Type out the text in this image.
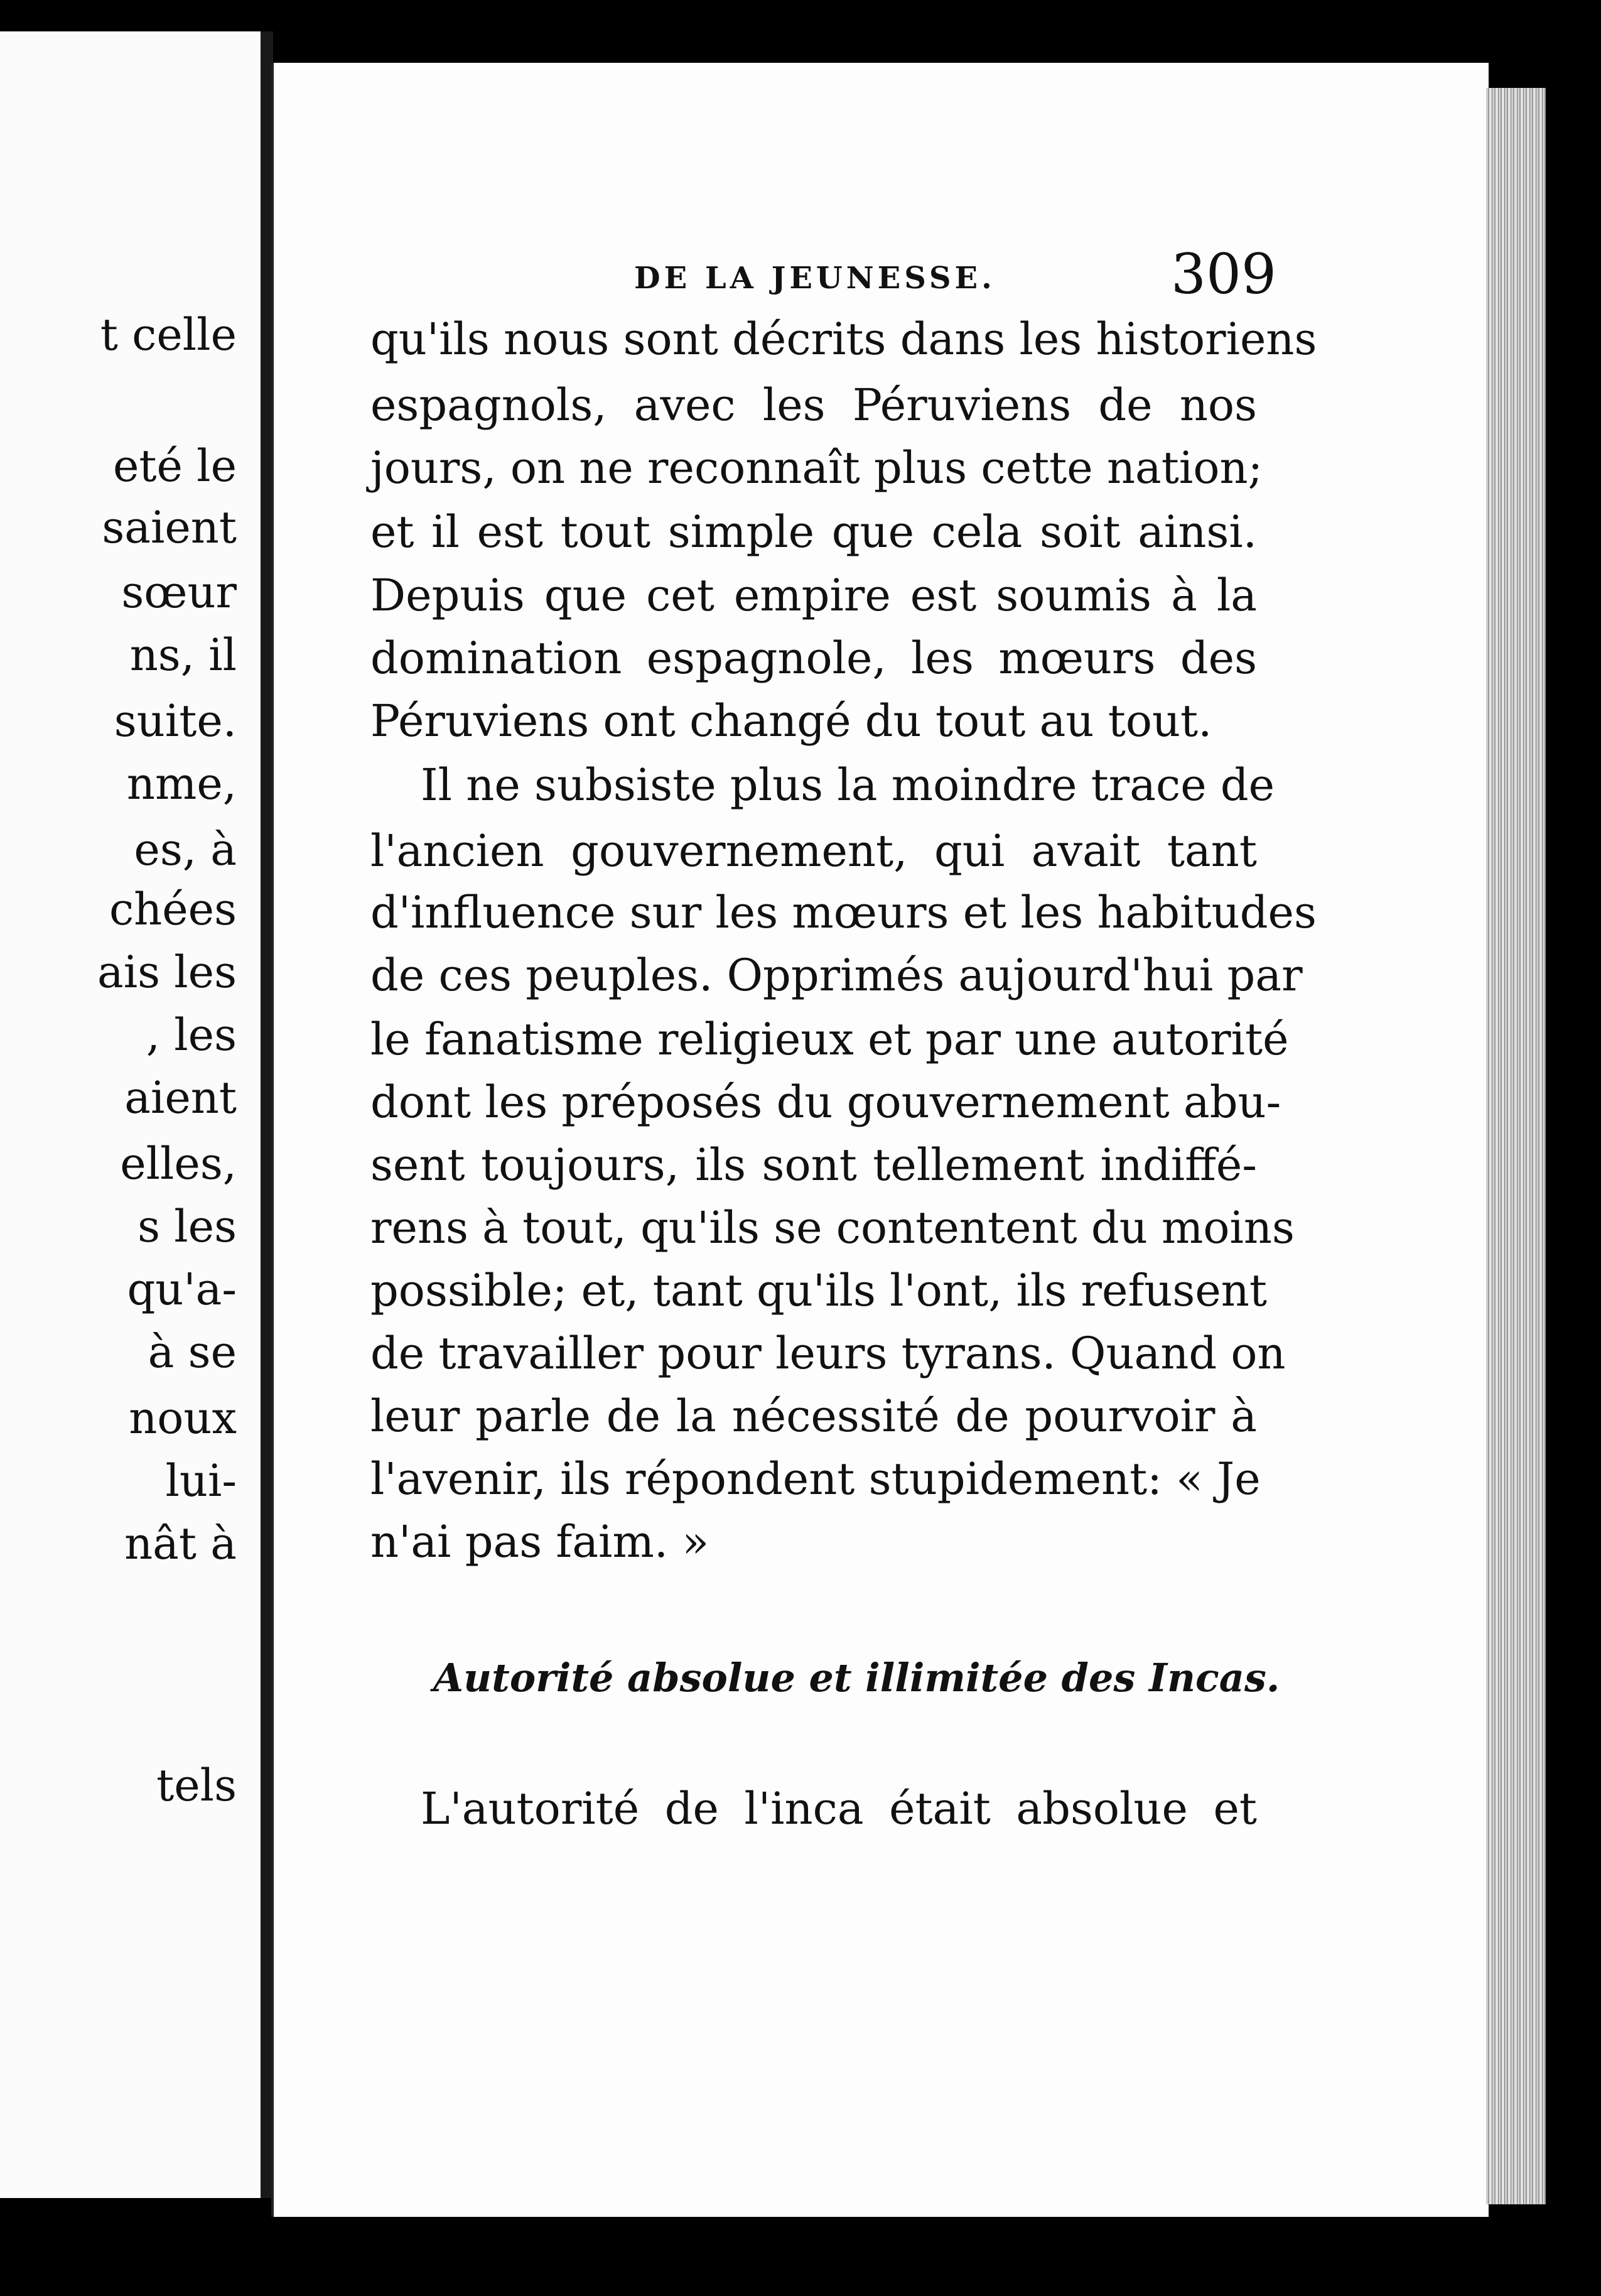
t celle
eté le
saient
sœur
ns, il
suite.
nme,
es, à
chées
ais les
, les
aient
elles,
s les
qu'a-
à se
noux
lui-
nât à
tels
DE LA JEUNESSE.	309
qu'ils nous sont décrits dans les historiens
espagnols, avec les Péruviens de nos
jours, on ne reconnaît plus cette nation;
et il est tout simple que cela soit ainsi.
Depuis que cet empire est soumis à la
domination espagnole, les mœurs des
Péruviens ont changé du tout au tout.
Il ne subsiste plus la moindre trace de
l'ancien gouvernement, qui avait tant
d'influence sur les mœurs et les habitudes
de ces peuples. Opprimés aujourd'hui par
le fanatisme religieux et par une autorité
dont les préposés du gouvernement abu-
sent toujours, ils sont tellement indiffé-
rens à tout, qu'ils se contentent du moins
possible; et, tant qu'ils l'ont, ils refusent
de travailler pour leurs tyrans. Quand on
leur parle de la nécessité de pourvoir à
l'avenir, ils répondent stupidement: « Je
n'ai pas faim. »
Autorité absolue et illimitée des Incas.
L'autorité de l'inca était absolue et
